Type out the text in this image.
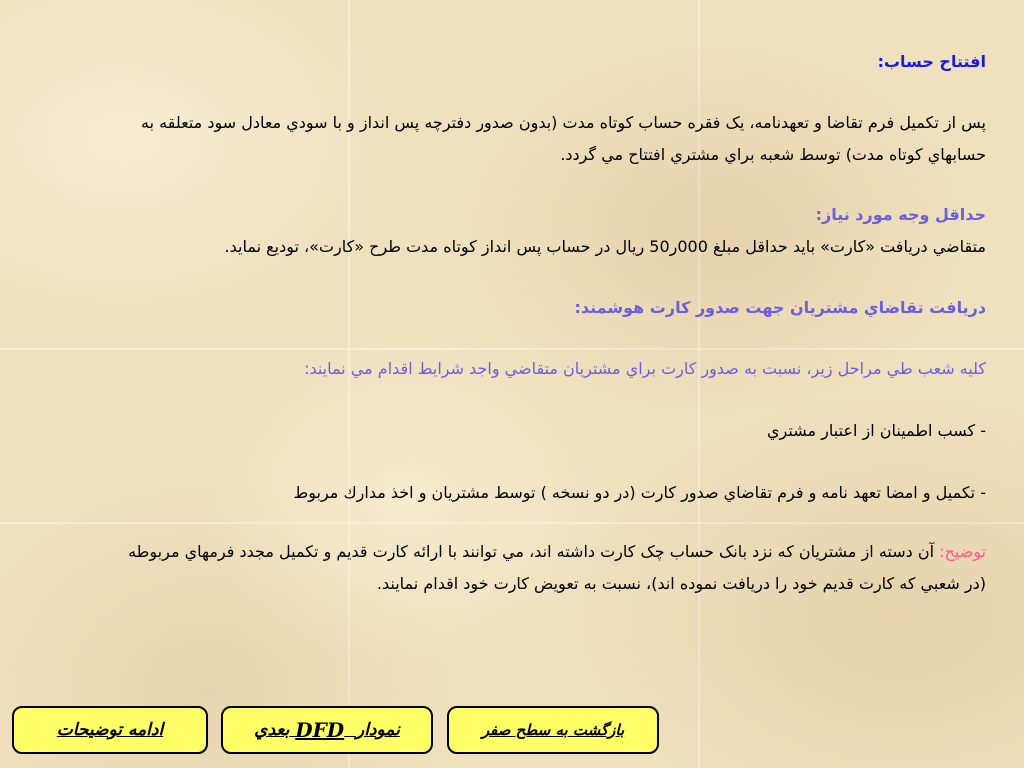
افتتاح حساب:
پس از تكميل فرم تقاضا و تعهدنامه، يک فقره حساب كوتاه مدت (بدون صدور دفترچه پس انداز و با سودي معادل سود متعلقه به
حسابهاي كوتاه مدت) توسط شعبه براي مشتري افتتاح مي گردد.
حداقل وجه مورد نياز:
متقاضي دريافت «كارت» بايد حداقل مبلغ 000ر50 ريال در حساب پس انداز كوتاه مدت طرح «كارت»، توديع نمايد.
دريافت تقاضاي مشتريان جهت صدور كارت هوشمند:
كليه شعب طي مراحل زير، نسبت به صدور كارت براي مشتريان متقاضي واجد شرايط اقدام مي نمايند:
- كسب اطمينان از اعتبار مشتري
- تكميل و امضا تعهد نامه و فرم تقاضاي صدور كارت (در دو نسخه ) توسط مشتريان و اخذ مدارك مربوط
توضيح: آن دسته از مشتريان كه نزد بانک حساب چک كارت داشته اند، مي توانند با ارائه كارت قديم و تكميل مجدد فرمهاي مربوطه
(در شعبي كه كارت قديم خود را دريافت نموده اند)، نسبت به تعويض كارت خود اقدام نمايند.
ادامه توضيحات	نمودار

DFD

بعدي	بازگشت به سطح صفر
